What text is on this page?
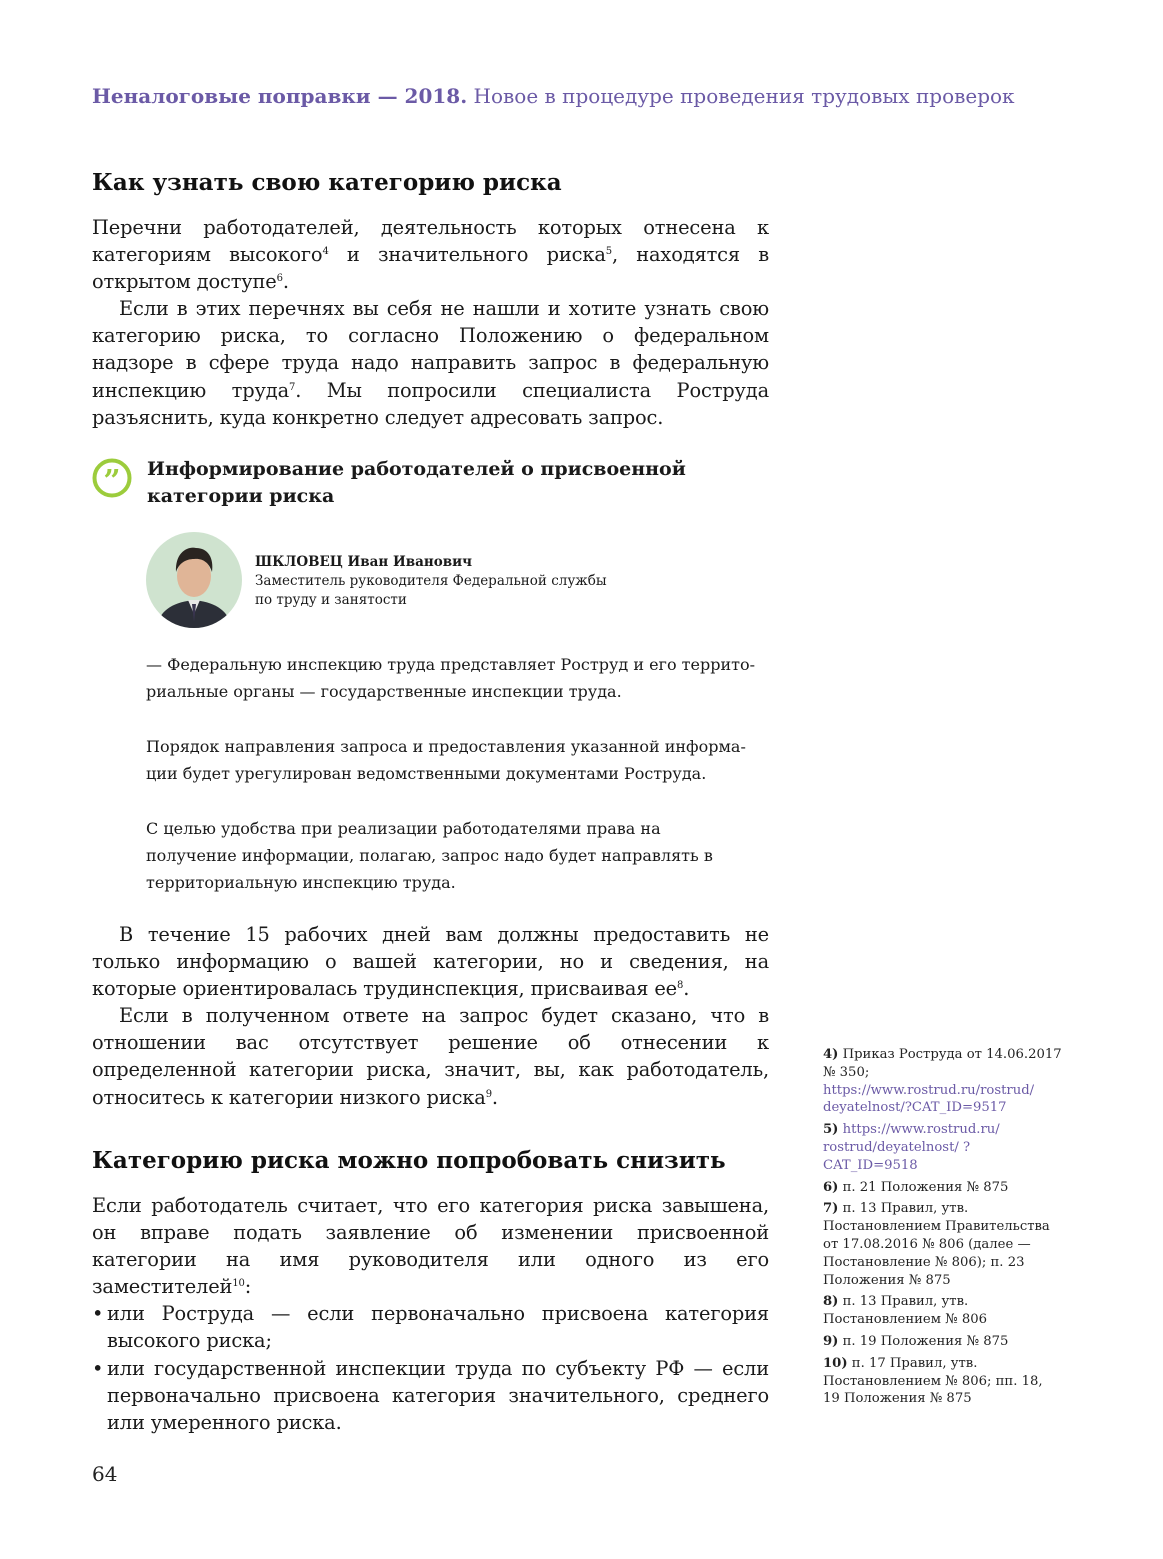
Неналоговые поправки — 2018. Новое в процедуре проведения трудовых проверок
Как узнать свою категорию риска

Перечни работодателей, деятельность которых отнесена к категориям высокого$^4$ и значительного риска$^5$, находятся в открытом доступе$^6$.

Если в этих перечнях вы себя не нашли и хотите узнать свою категорию риска, то согласно Положению о федеральном надзоре в сфере труда надо направить запрос в федеральную инспекцию труда$^7$. Мы попросили специалиста Роструда разъяснить, куда конкретно следует адресовать запрос.

” Информирование работодателей о присвоенной категории риска
ШКЛОВЕЦ Иван Иванович
Заместитель руководителя Федеральной службы
по труду и занятости

— Федеральную инспекцию труда представляет Роструд и его территориальные органы — государственные инспекции труда.

Порядок направления запроса и предоставления указанной информации будет урегулирован ведомственными документами Роструда.

С целью удобства при реализации работодателями права на получение информации, полагаю, запрос надо будет направлять в территориальную инспекцию труда.

В течение 15 рабочих дней вам должны предоставить не только информацию о вашей категории, но и сведения, на которые ориентировалась трудинспекция, присваивая $ее^8$.

Если в полученном ответе на запрос будет сказано, что в отношении вас отсутствует решение об отнесении к определенной категории риска, значит, вы, как работодатель, относитесь к категории низкого риска$^9$.

Категорию риска можно попробовать снизить

Если работодатель считает, что его категория риска завышена, он вправе подать заявление об изменении присвоенной категории на имя руководителя или одного из его заместителей$^{10}$:

• или Роструда — если первоначально присвоена категория высокого риска;
• или государственной инспекции труда по субъекту РФ — если первоначально присвоена категория значительного, среднего или умеренного риска.
4) Приказ Роструда от 14.06.2017 № 350; https://www.rostrud.ru/rostrud/ deyatelnost/?CAT_ID=9517
5) https://www.rostrud.ru/ rostrud/deyatelnost/ ?CAT_ID=9518
6) п. 21 Положения № 875
7) п. 13 Правил, утв. Постановлением Правительства от 17.08.2016 № 806 (далее — Постановление № 806); п. 23 Положения № 875
8) п. 13 Правил, утв. Постановлением № 806
9) п. 19 Положения № 875
10) п. 17 Правил, утв. Постановлением № 806; пп. 18, 19 Положения № 875
64
